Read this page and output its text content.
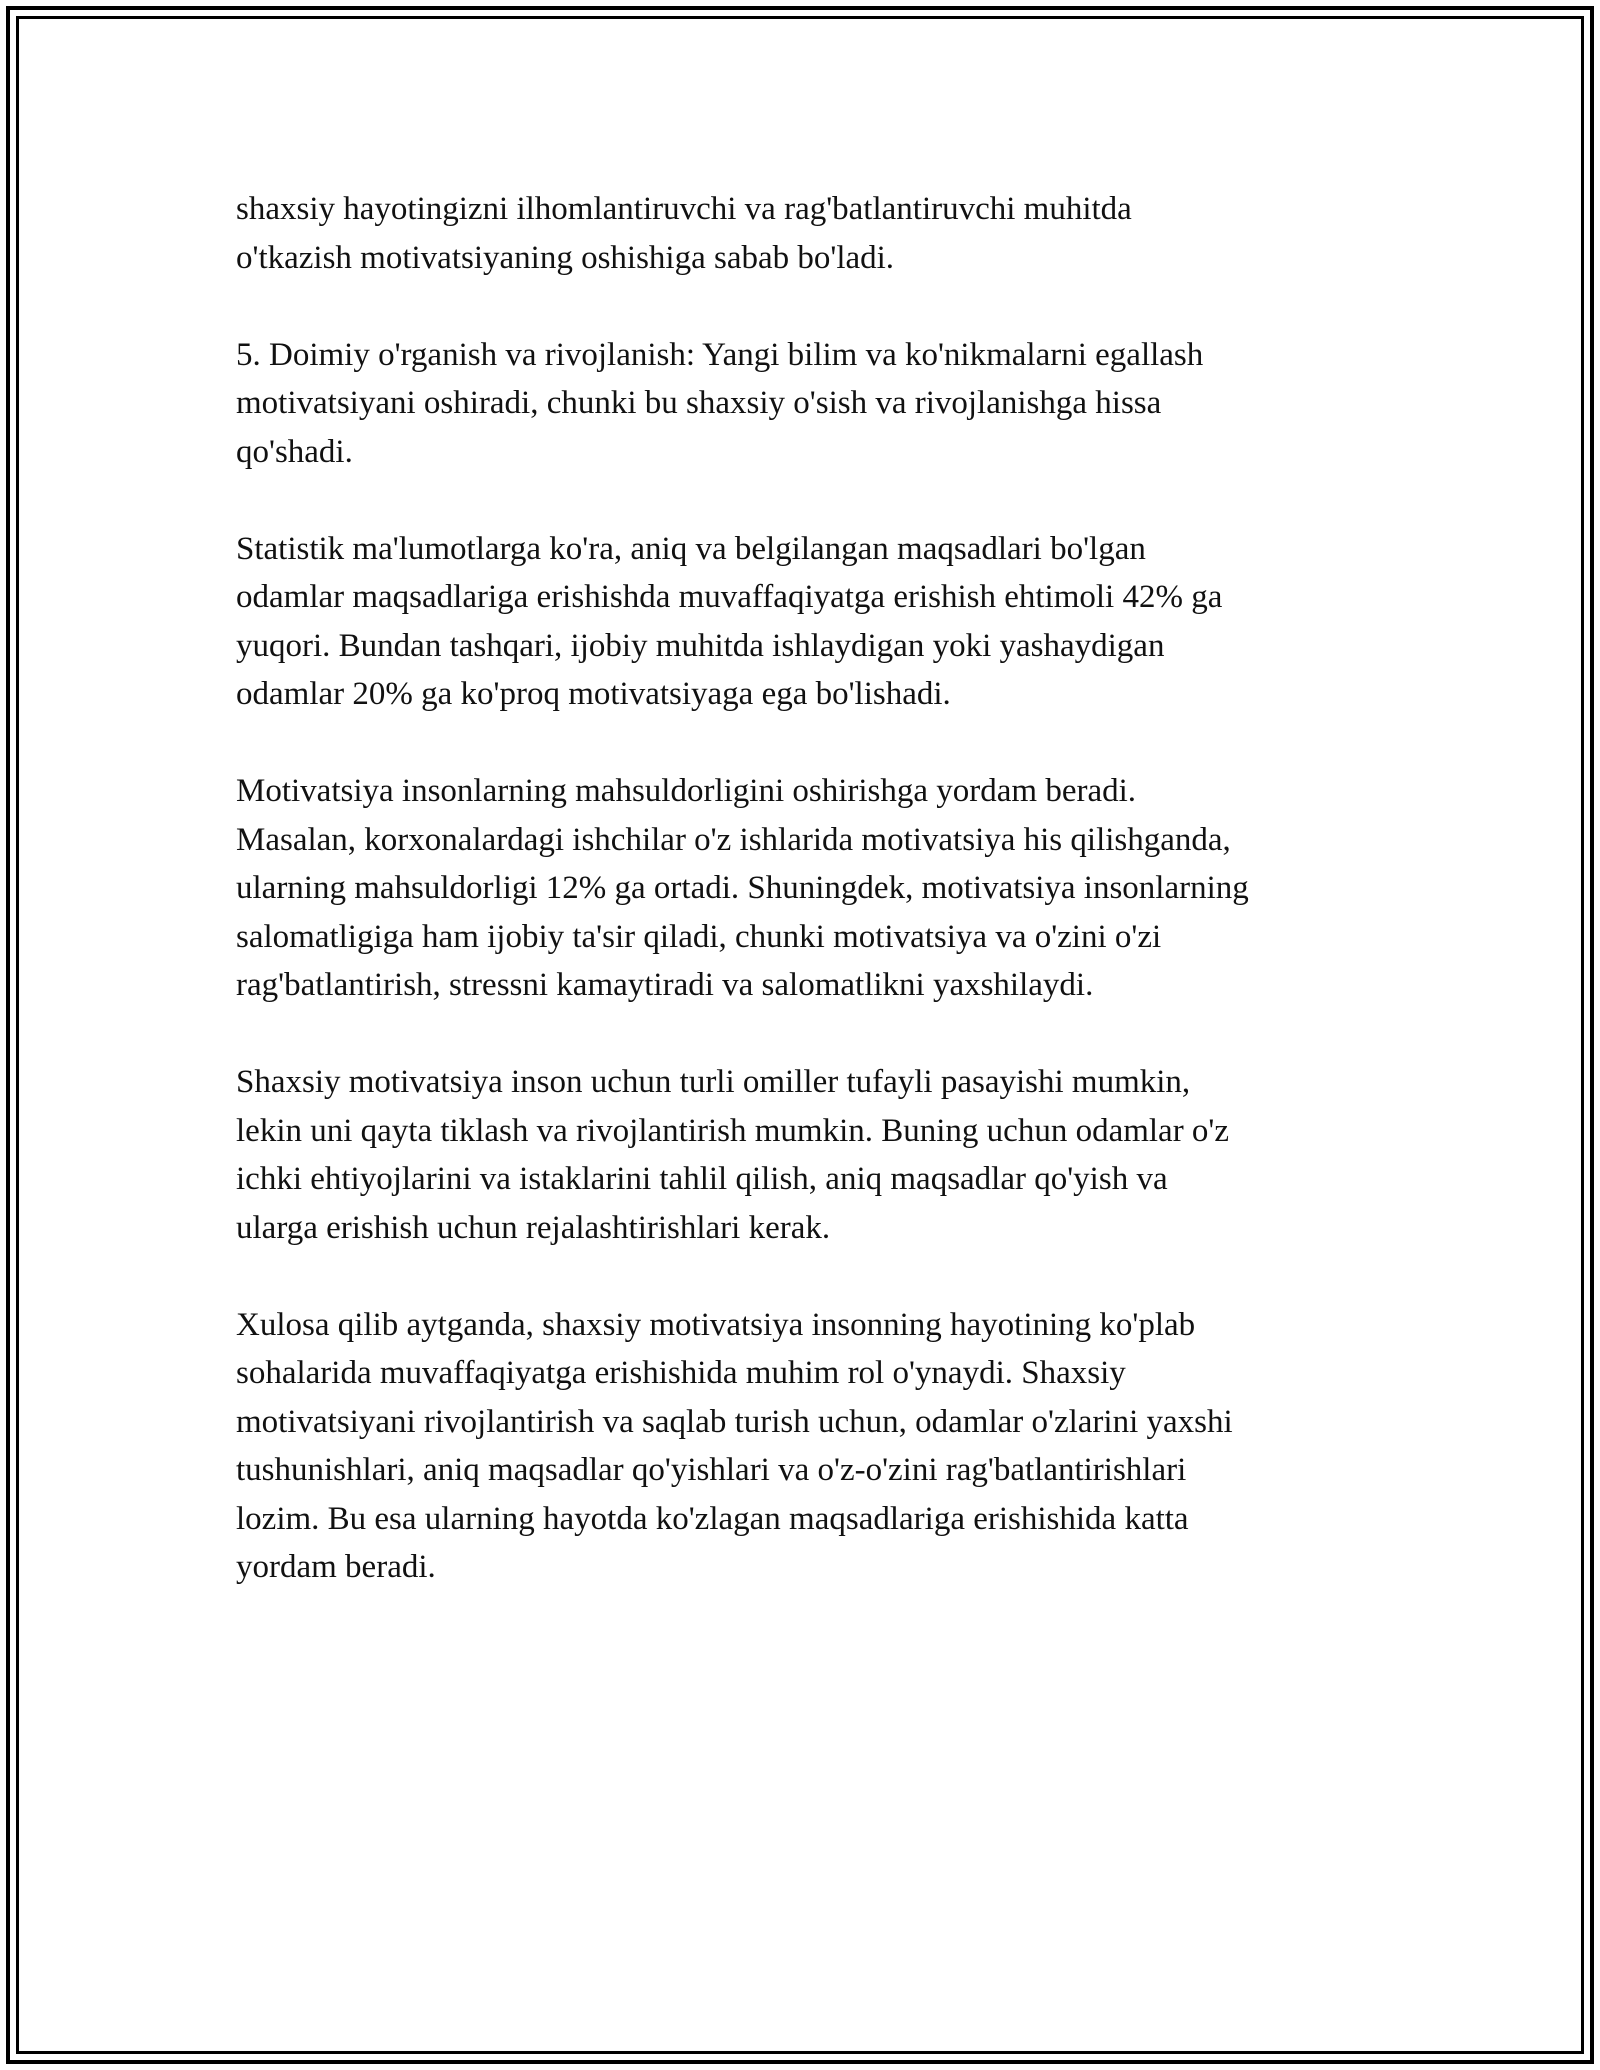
shaxsiy hayotingizni ilhomlantiruvchi va rag'batlantiruvchi muhitda
o'tkazish motivatsiyaning oshishiga sabab bo'ladi.

5. Doimiy o'rganish va rivojlanish: Yangi bilim va ko'nikmalarni egallash
motivatsiyani oshiradi, chunki bu shaxsiy o'sish va rivojlanishga hissa
qo'shadi.

Statistik ma'lumotlarga ko'ra, aniq va belgilangan maqsadlari bo'lgan
odamlar maqsadlariga erishishda muvaffaqiyatga erishish ehtimoli 42% ga
yuqori. Bundan tashqari, ijobiy muhitda ishlaydigan yoki yashaydigan
odamlar 20% ga ko'proq motivatsiyaga ega bo'lishadi.

Motivatsiya insonlarning mahsuldorligini oshirishga yordam beradi.
Masalan, korxonalardagi ishchilar o'z ishlarida motivatsiya his qilishganda,
ularning mahsuldorligi 12% ga ortadi. Shuningdek, motivatsiya insonlarning
salomatligiga ham ijobiy ta'sir qiladi, chunki motivatsiya va o'zini o'zi
rag'batlantirish, stressni kamaytiradi va salomatlikni yaxshilaydi.

Shaxsiy motivatsiya inson uchun turli omiller tufayli pasayishi mumkin,
lekin uni qayta tiklash va rivojlantirish mumkin. Buning uchun odamlar o'z
ichki ehtiyojlarini va istaklarini tahlil qilish, aniq maqsadlar qo'yish va
ularga erishish uchun rejalashtirishlari kerak.

Xulosa qilib aytganda, shaxsiy motivatsiya insonning hayotining ko'plab
sohalarida muvaffaqiyatga erishishida muhim rol o'ynaydi. Shaxsiy
motivatsiyani rivojlantirish va saqlab turish uchun, odamlar o'zlarini yaxshi
tushunishlari, aniq maqsadlar qo'yishlari va o'z-o'zini rag'batlantirishlari
lozim. Bu esa ularning hayotda ko'zlagan maqsadlariga erishishida katta
yordam beradi.
